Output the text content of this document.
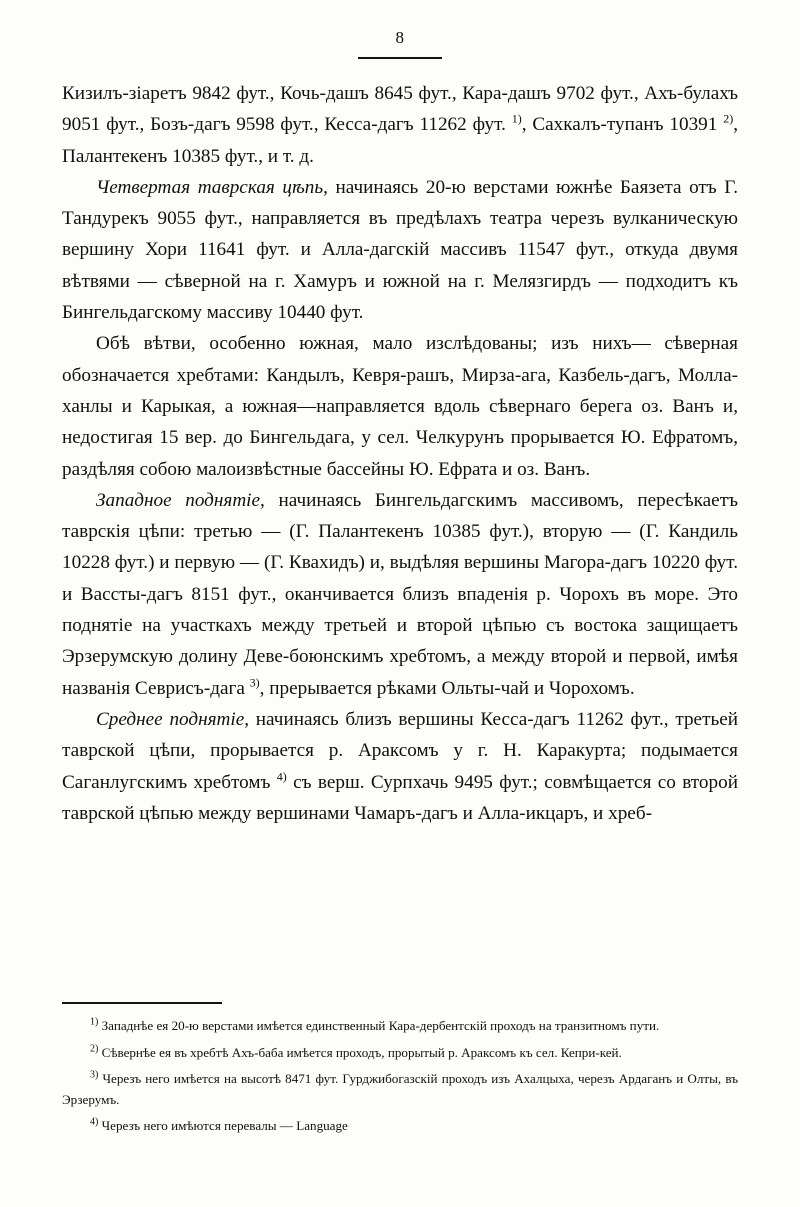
8

Кизилъ-зіаретъ 9842 фут., Кочь-дашъ 8645 фут., Кара-дашъ 9702 фут., Ахъ-булахъ 9051 фут., Бозъ-дагъ 9598 фут., Кесса-дагъ 11262 фут. $^{1)}$, Сахкалъ-тупанъ 10391 $^{2)}$, Палантекенъ 10385 фут., и т. д.

Четвертая таврская цѣпь, начинаясь 20-ю верстами южнѣе Баязета отъ Г. Тандурекъ 9055 фут., направляется въ предѣлахъ театра черезъ вулканическую вершину Хори 11641 фут. и Алла-дагскій массивъ 11547 фут., откуда двумя вѣтвями — сѣверной на г. Хамуръ и южной на г. Мелязгирдъ — подходитъ къ Бингельдагскому массиву 10440 фут.

Обѣ вѣтви, особенно южная, мало изслѣдованы; изъ нихъ— сѣверная обозначается хребтами: Кандылъ, Кевря-рашъ, Мирза-ага, Казбель-дагъ, Молла-ханлы и Карыкая, а южная—направляется вдоль сѣвернаго берега оз. Ванъ и, недостигая 15 вер. до Бингельдага, у сел. Челкурунъ прорывается Ю. Ефратомъ, раздѣляя собою малоизвѣстные бассейны Ю. Ефрата и оз. Ванъ.

Западное поднятіе, начинаясь Бингельдагскимъ массивомъ, пересѣкаетъ таврскія цѣпи: третью — (Г. Палантекенъ 10385 фут.), вторую — (Г. Кандиль 10228 фут.) и первую — (Г. Квахидъ) и, выдѣляя вершины Магора-дагъ 10220 фут. и Вассты-дагъ 8151 фут., оканчивается близъ впаденія р. Чорохъ въ море. Это поднятіе на участкахъ между третьей и второй цѣпью съ востока защищаетъ Эрзерумскую долину Деве-боюнскимъ хребтомъ, а между второй и первой, имѣя названія Севрисъ-дага $^{3)}$, прерывается рѣками Ольты-чай и Чорохомъ.

Среднее поднятіе, начинаясь близъ вершины Кесса-дагъ 11262 фут., третьей таврской цѣпи, прорывается р. Араксомъ у г. Н. Каракурта; подымается Саганлугскимъ хребтомъ $^{4)}$ съ верш. Сурпхачь 9495 фут.; совмѣщается со второй таврской цѣпью между вершинами Чамаръ-дагъ и Алла-икцаръ, и хреб-

$^{1)}$ Западнѣе ея 20-ю верстами имѣется единственный Кара-дербентскій проходъ на транзитномъ пути.

$^{2)}$ Сѣвернѣе ея въ хребтѣ Ахъ-баба имѣется проходъ, прорытый р. Араксомъ къ сел. Кепри-кей.

$^{3)}$ Черезъ него имѣется на высотѣ 8471 фут. Гурджибогазскій проходъ изъ Ахалцыха, черезъ Ардаганъ и Олты, въ Эрзерумъ.

$^{4)}$ Черезъ него имѣются перевалы — Language
